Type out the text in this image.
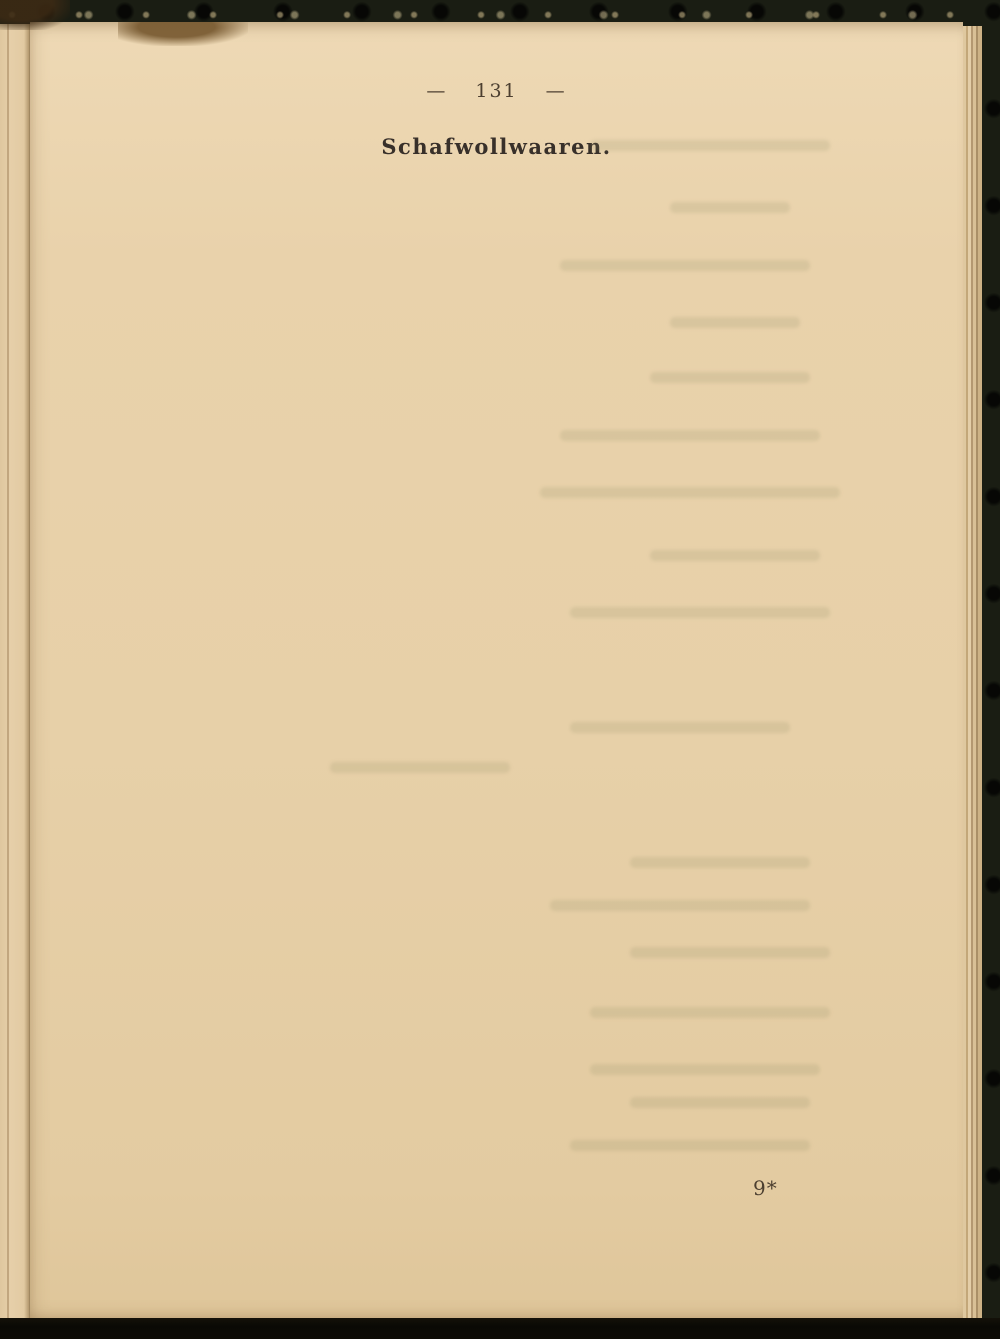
— 131 —
Schafwollwaaren.
9*
